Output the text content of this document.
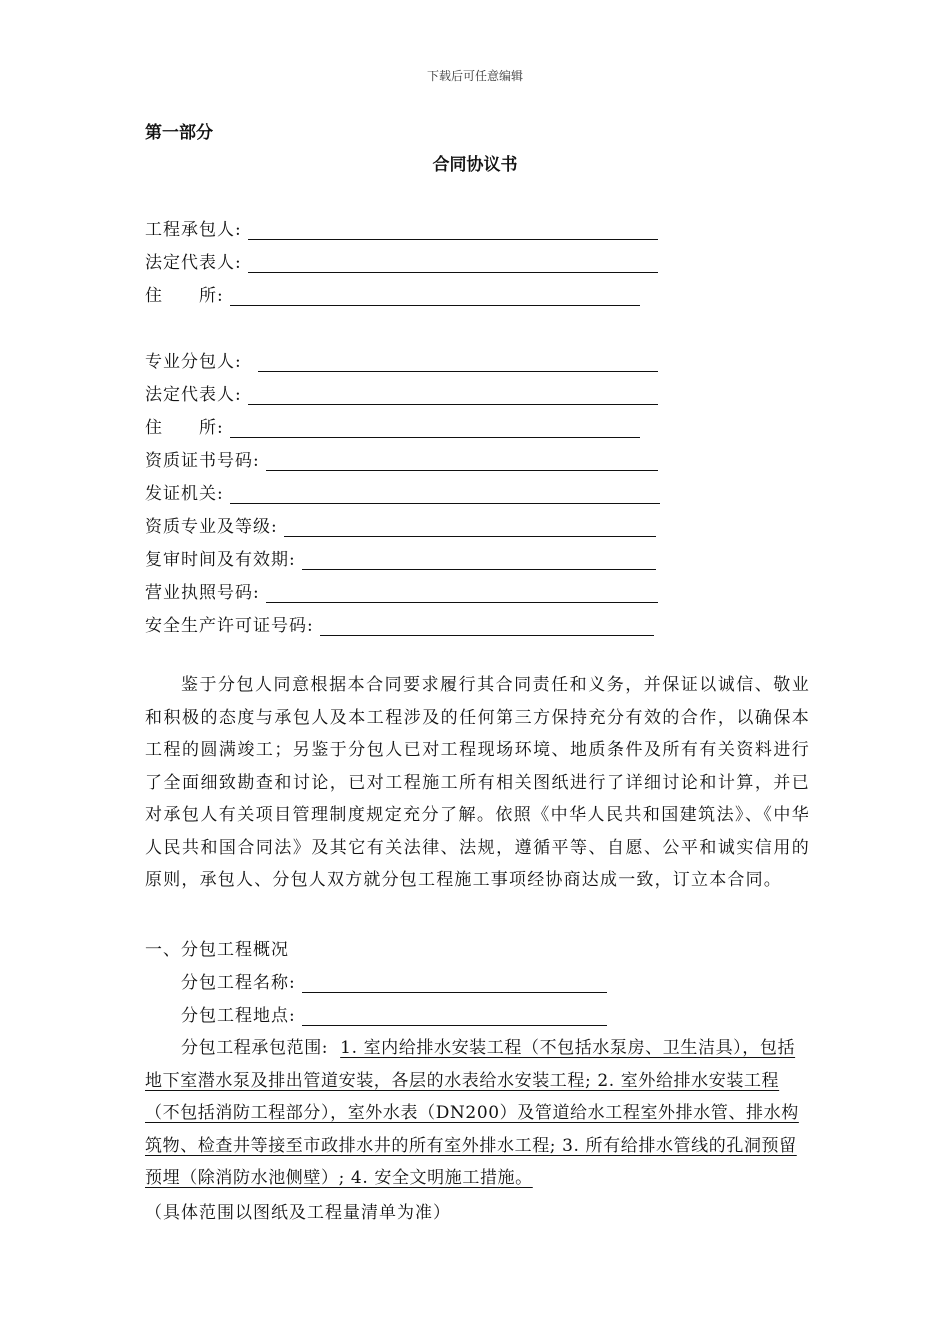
下载后可任意编辑
第一部分
合同协议书
工程承包人:
法定代表人:
住　　所:
专业分包人:
法定代表人:
住　　所:
资质证书号码:
发证机关:
资质专业及等级:
复审时间及有效期:
营业执照号码:
安全生产许可证号码:

鉴于分包人同意根据本合同要求履行其合同责任和义务，并保证以诚信、敬业和积极的态度与承包人及本工程涉及的任何第三方保持充分有效的合作，以确保本工程的圆满竣工；另鉴于分包人已对工程现场环境、地质条件及所有有关资料进行了全面细致勘查和讨论，已对工程施工所有相关图纸进行了详细讨论和计算，并已对承包人有关项目管理制度规定充分了解。依照《中华人民共和国建筑法》、《中华人民共和国合同法》及其它有关法律、法规，遵循平等、自愿、公平和诚实信用的原则，承包人、分包人双方就分包工程施工事项经协商达成一致，订立本合同。

一、分包工程概况
分包工程名称:
分包工程地点:

分包工程承包范围: 1. 室内给排水安装工程（不包括水泵房、卫生洁具），包括地下室潜水泵及排出管道安装，各层的水表给水安装工程; 2. 室外给排水安装工程（不包括消防工程部分），室外水表（DN200）及管道给水工程室外排水管、排水构筑物、检查井等接至市政排水井的所有室外排水工程; 3. 所有给排水管线的孔洞预留预埋（除消防水池侧壁）; 4. 安全文明施工措施。

（具体范围以图纸及工程量清单为准）
